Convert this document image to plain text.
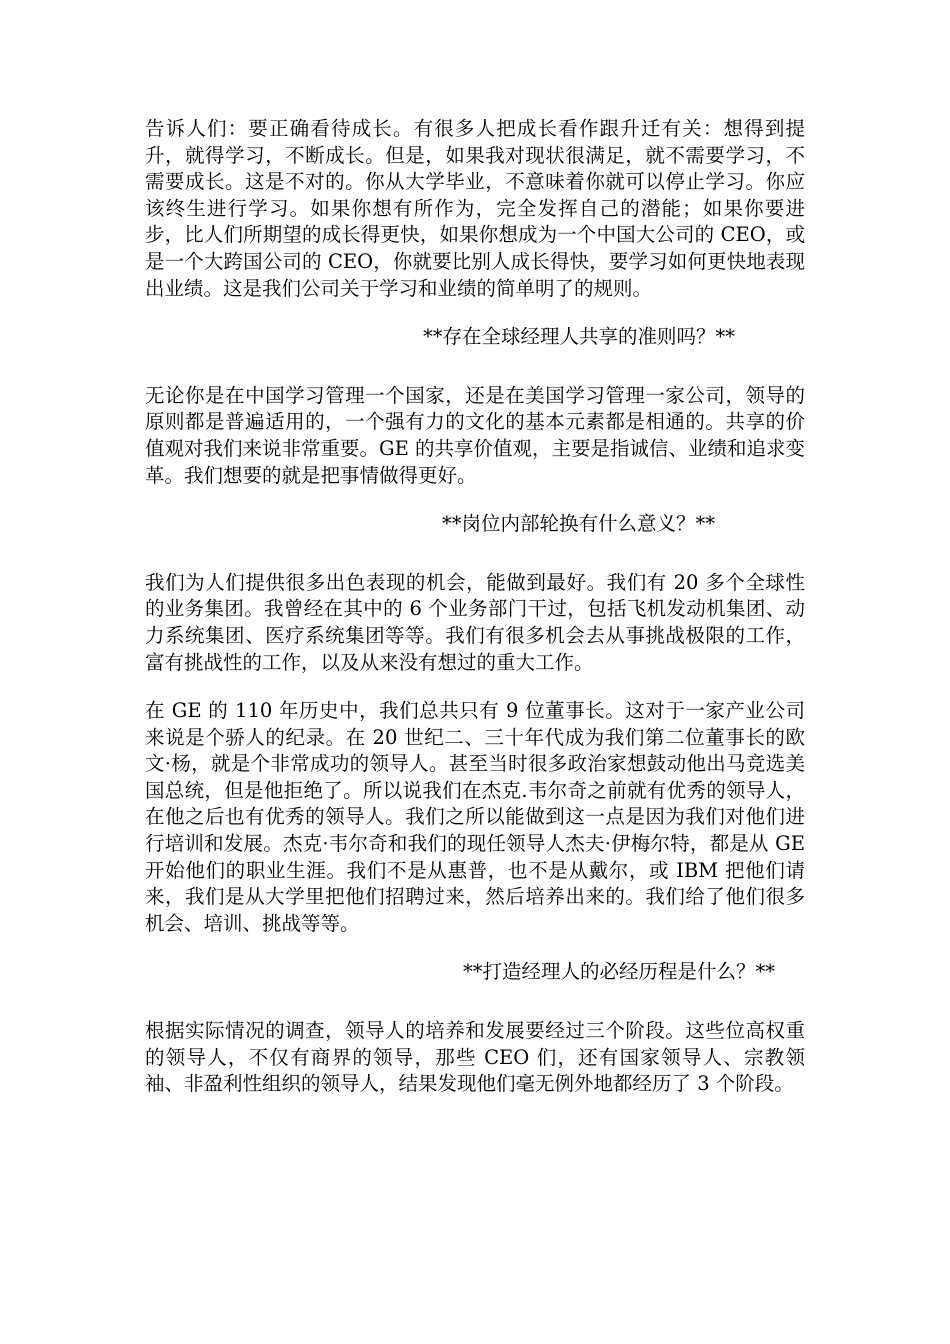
告诉人们：要正确看待成长。有很多人把成长看作跟升迁有关：想得到提升，就得学习，不断成长。但是，如果我对现状很满足，就不需要学习，不需要成长。这是不对的。你从大学毕业，不意味着你就可以停止学习。你应该终生进行学习。如果你想有所作为，完全发挥自己的潜能；如果你要进步，比人们所期望的成长得更快，如果你想成为一个中国大公司的 CEO，或是一个大跨国公司的 CEO，你就要比别人成长得快，要学习如何更快地表现出业绩。这是我们公司关于学习和业绩的简单明了的规则。

**存在全球经理人共享的准则吗？**

无论你是在中国学习管理一个国家，还是在美国学习管理一家公司，领导的原则都是普遍适用的，一个强有力的文化的基本元素都是相通的。共享的价值观对我们来说非常重要。GE 的共享价值观，主要是指诚信、业绩和追求变革。我们想要的就是把事情做得更好。

**岗位内部轮换有什么意义？**

我们为人们提供很多出色表现的机会，能做到最好。我们有 20 多个全球性的业务集团。我曾经在其中的 6 个业务部门干过，包括飞机发动机集团、动力系统集团、医疗系统集团等等。我们有很多机会去从事挑战极限的工作，富有挑战性的工作，以及从来没有想过的重大工作。

在 GE 的 110 年历史中，我们总共只有 9 位董事长。这对于一家产业公司来说是个骄人的纪录。在 20 世纪二、三十年代成为我们第二位董事长的欧文·杨，就是个非常成功的领导人。甚至当时很多政治家想鼓动他出马竞选美国总统，但是他拒绝了。所以说我们在杰克.韦尔奇之前就有优秀的领导人，在他之后也有优秀的领导人。我们之所以能做到这一点是因为我们对他们进行培训和发展。杰克·韦尔奇和我们的现任领导人杰夫·伊梅尔特，都是从 GE 开始他们的职业生涯。我们不是从惠普，也不是从戴尔，或 IBM 把他们请来，我们是从大学里把他们招聘过来，然后培养出来的。我们给了他们很多机会、培训、挑战等等。

**打造经理人的必经历程是什么？**

根据实际情况的调查，领导人的培养和发展要经过三个阶段。这些位高权重的领导人，不仅有商界的领导，那些 CEO 们，还有国家领导人、宗教领袖、非盈利性组织的领导人，结果发现他们毫无例外地都经历了 3 个阶段。
